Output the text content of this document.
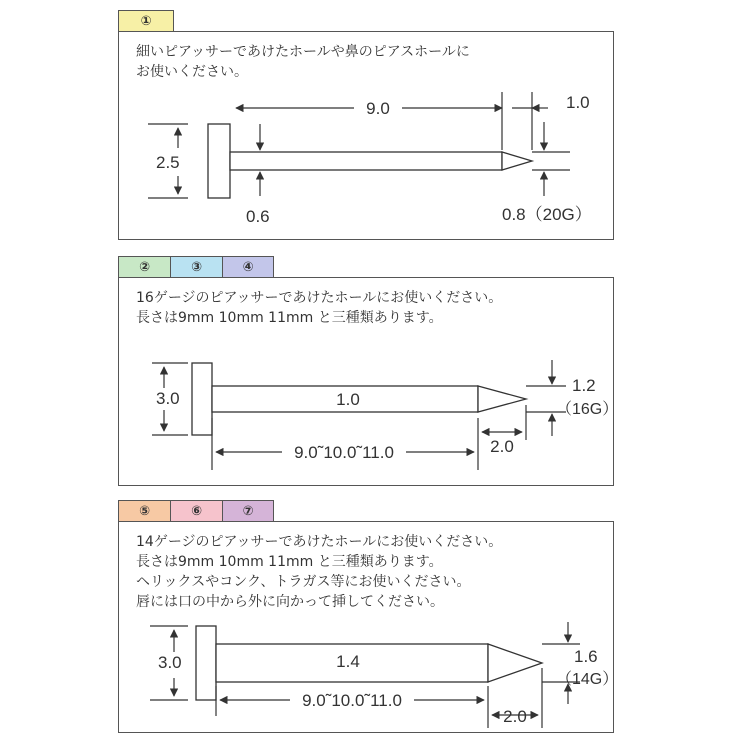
①
細いピアッサーであけたホールや鼻のピアスホールに
お使いください。
②	③	④
16ゲージのピアッサーであけたホールにお使いください。
長さは9mm 10mm 11mm と三種類あります。
⑤	⑥	⑦
14ゲージのピアッサーであけたホールにお使いください。
長さは9mm 10mm 11mm と三種類あります。
ヘリックスやコンク、トラガス等にお使いください。
唇には口の中から外に向かって挿してください。
9.0	1.0
2.5
0.6	0.8（20G）
3.0	1.0
9.0˜10.0˜11.0	2.0
1.2
（16G）
3.0	1.4
9.0˜10.0˜11.0
2.0
1.6
（14G）
